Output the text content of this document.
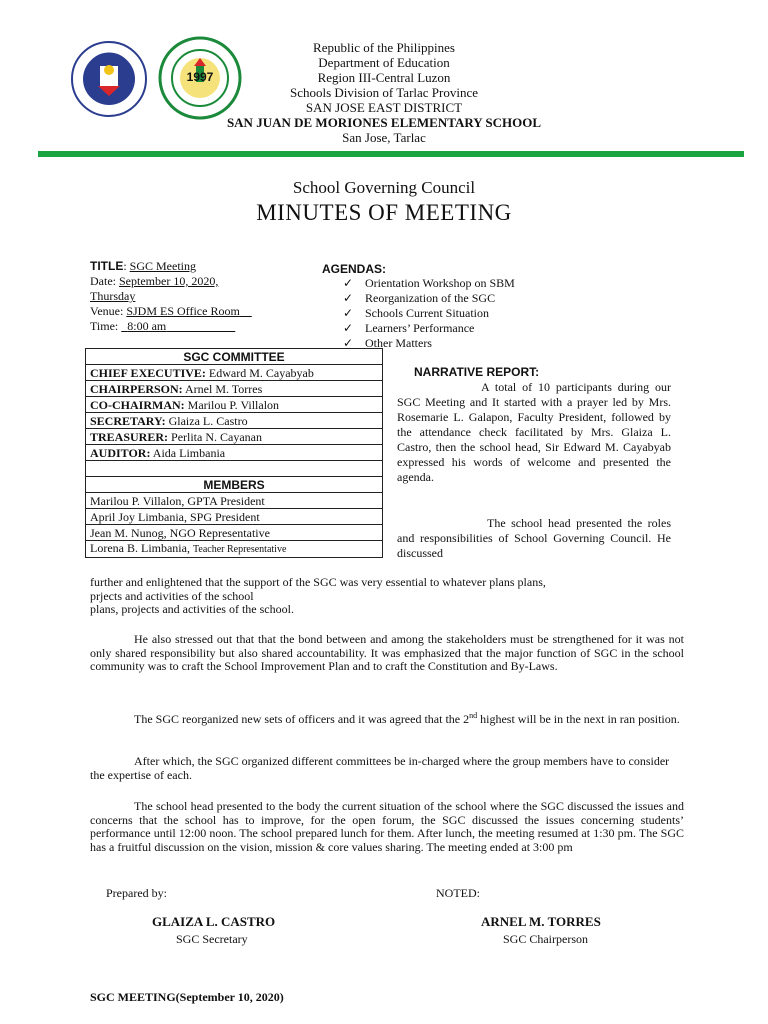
1997
Republic of the Philippines
Department of Education
Region III-Central Luzon
Schools Division of Tarlac Province
SAN JOSE EAST DISTRICT
SAN JUAN DE MORIONES ELEMENTARY SCHOOL
San Jose, Tarlac
School Governing Council
MINUTES OF MEETING
TITLE: SGC Meeting
Date: September 10, 2020,
Thursday
Venue: SJDM ES Office Room
Time: 8:00 am
AGENDAS:
✓ Orientation Workshop on SBM
✓ Reorganization of the SGC
✓ Schools Current Situation
✓ Learners’ Performance
✓ Other Matters
SGC COMMITTEE
CHIEF EXECUTIVE: Edward M. Cayabyab
CHAIRPERSON: Arnel M. Torres
CO-CHAIRMAN: Marilou P. Villalon
SECRETARY: Glaiza L. Castro
TREASURER: Perlita N. Cayanan
AUDITOR: Aida Limbania

MEMBERS
Marilou P. Villalon, GPTA President
April Joy Limbania, SPG President
Jean M. Nunog, NGO Representative
Lorena B. Limbania, Teacher Representative
NARRATIVE REPORT:
A total of 10 participants during our SGC Meeting and It started with a prayer led by Mrs. Rosemarie L. Galapon, Faculty President, followed by the attendance check facilitated by Mrs. Glaiza L. Castro, then the school head, Sir Edward M. Cayabyab expressed his words of welcome and presented the agenda.
The school head presented the roles and responsibilities of School Governing Council. He discussed
further and enlightened that the support of the SGC was very essential to whatever plans plans,
prjects and activities of the school
plans, projects and activities of the school.
He also stressed out that that the bond between and among the stakeholders must be strengthened for it was not only shared responsibility but also shared accountability. It was emphasized that the major function of SGC in the school community was to craft the School Improvement Plan and to craft the Constitution and By-Laws.
The SGC reorganized new sets of officers and it was agreed that the 2nd highest will be in the next in ran position.
After which, the SGC organized different committees be in-charged where the group members have to consider the expertise of each.
The school head presented to the body the current situation of the school where the SGC discussed the issues and concerns that the school has to improve, for the open forum, the SGC discussed the issues concerning students’ performance until 12:00 noon. The school prepared lunch for them. After lunch, the meeting resumed at 1:30 pm. The SGC has a fruitful discussion on the vision, mission & core values sharing. The meeting ended at 3:00 pm
Prepared by:	NOTED:
GLAIZA L. CASTRO
SGC Secretary
ARNEL M. TORRES
SGC Chairperson
SGC MEETING(September 10, 2020)
